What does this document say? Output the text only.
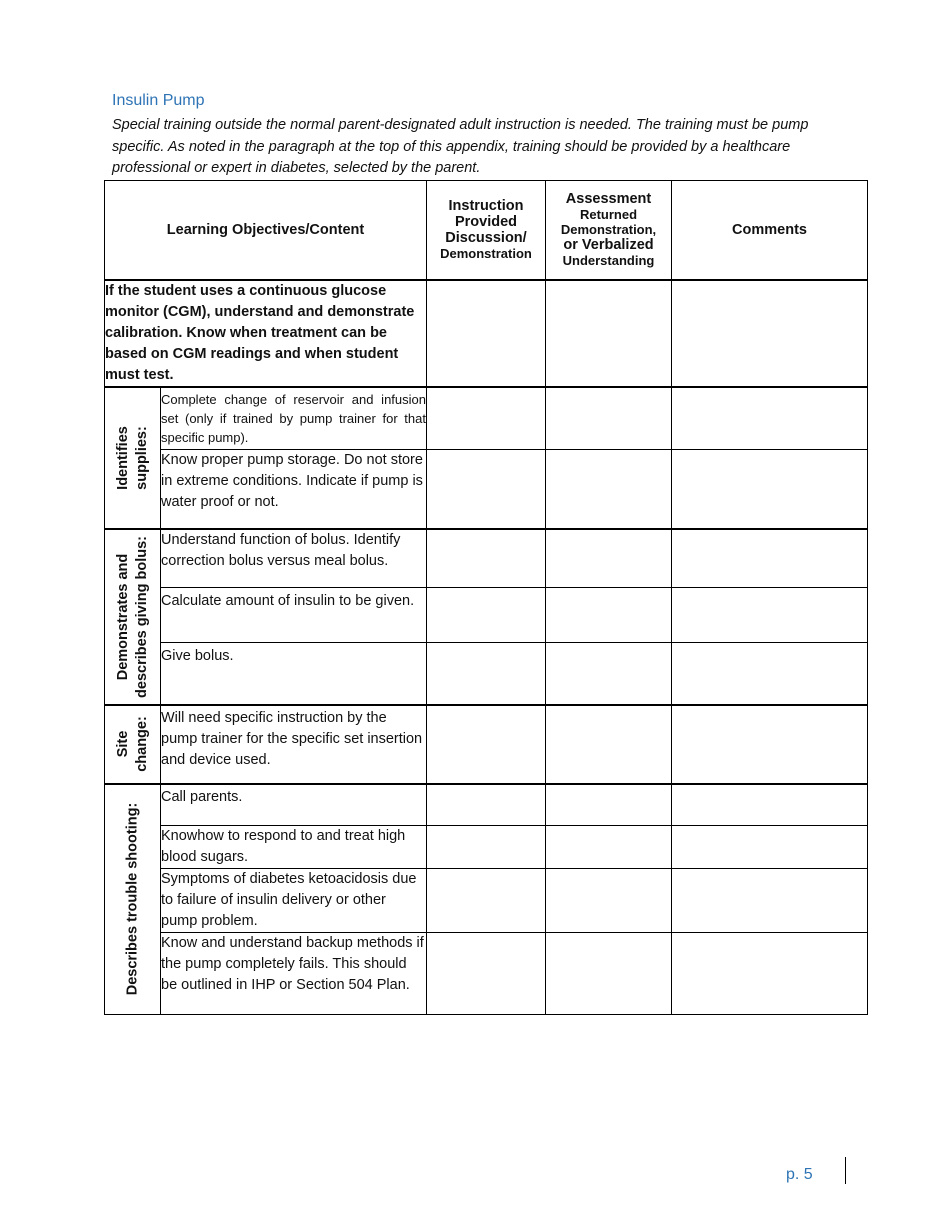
Insulin Pump
Special training outside the normal parent-designated adult instruction is needed. The training must be pump specific. As noted in the paragraph at the top of this appendix, training should be provided by a healthcare professional or expert in diabetes, selected by the parent.
Learning Objectives/Content		Instruction
Provided
Discussion/
Demonstration	Assessment
Returned
Demonstration,
or Verbalized
Understanding	Comments
If the student uses a continuous glucose monitor (CGM), understand and demonstrate calibration. Know when treatment can be based on CGM readings and when student must test.				

Identifies supplies:	Complete change of reservoir and infusion set (only if trained by pump trainer for that specific pump).			
	Know proper pump storage. Do not store in extreme conditions. Indicate if pump is water proof or not.			

Demonstrates and describes giving bolus:	Understand function of bolus. Identify correction bolus versus meal bolus.			
	Calculate amount of insulin to be given.			
	Give bolus.			

Site change:	Will need specific instruction by the pump trainer for the specific set insertion and device used.			

Describes trouble shooting:	Call parents.			
	Knowhow to respond to and treat high blood sugars.			
	Symptoms of diabetes ketoacidosis due to failure of insulin delivery or other pump problem.			
	Know and understand backup methods if the pump completely fails. This should be outlined in IHP or Section 504 Plan.			
p. 5
